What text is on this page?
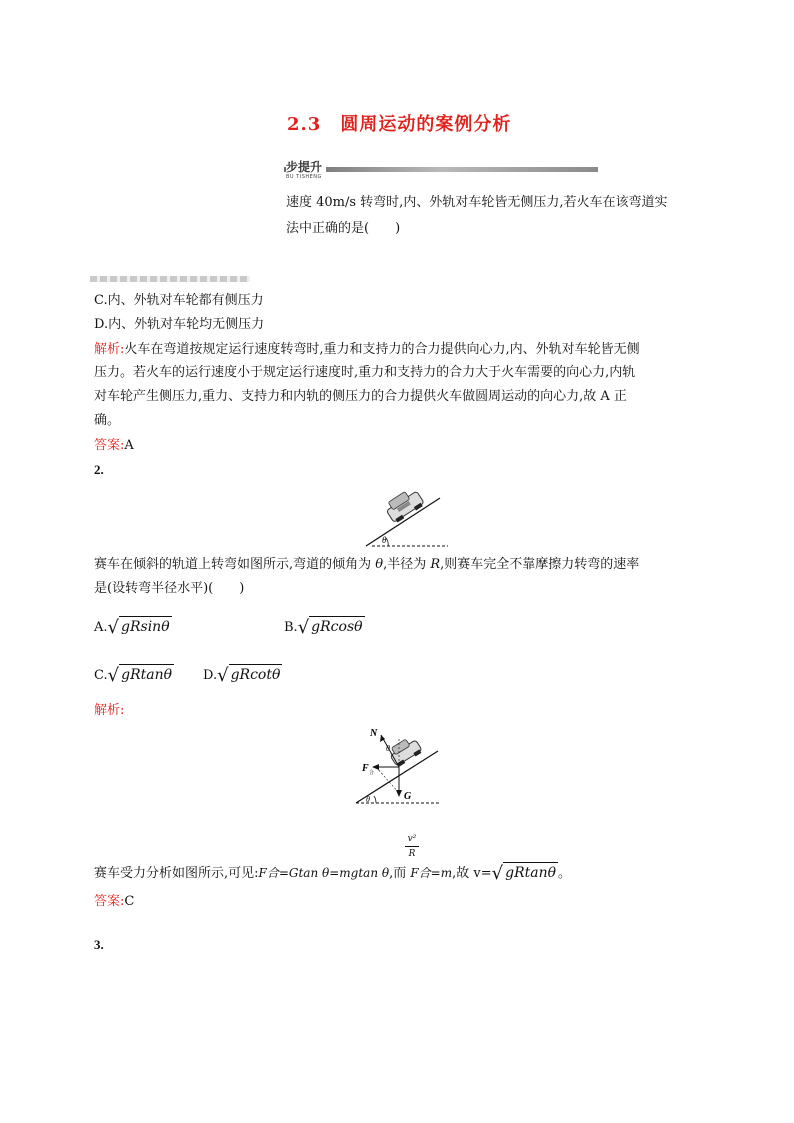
2.3　圆周运动的案例分析
步提升
BU TISHENG
速度 40m/s 转弯时,内、外轨对车轮皆无侧压力,若火车在该弯道实
法中正确的是(　　)
C.内、外轨对车轮都有侧压力
D.内、外轨对车轮均无侧压力
解析:火车在弯道按规定运行速度转弯时,重力和支持力的合力提供向心力,内、外轨对车轮皆无侧
压力。若火车的运行速度小于规定运行速度时,重力和支持力的合力大于火车需要的向心力,内轨
对车轮产生侧压力,重力、支持力和内轨的侧压力的合力提供火车做圆周运动的向心力,故 A 正
确。
答案:A
2.
θ
赛车在倾斜的轨道上转弯如图所示,弯道的倾角为 θ,半径为 R,则赛车完全不靠摩擦力转弯的速率
是(设转弯半径水平)(　　)
A.√ gRsinθ	B.√ gRcosθ
C.√ gRtanθ D.√ gRcotθ
解析:
N
θ
F 合
G
θ
赛车受力分析如图所示,可见:F合=Gtan θ=mgtan θ,而 F合=m,故 v=√ gRtanθ 。
v²
R
答案:C
3.
